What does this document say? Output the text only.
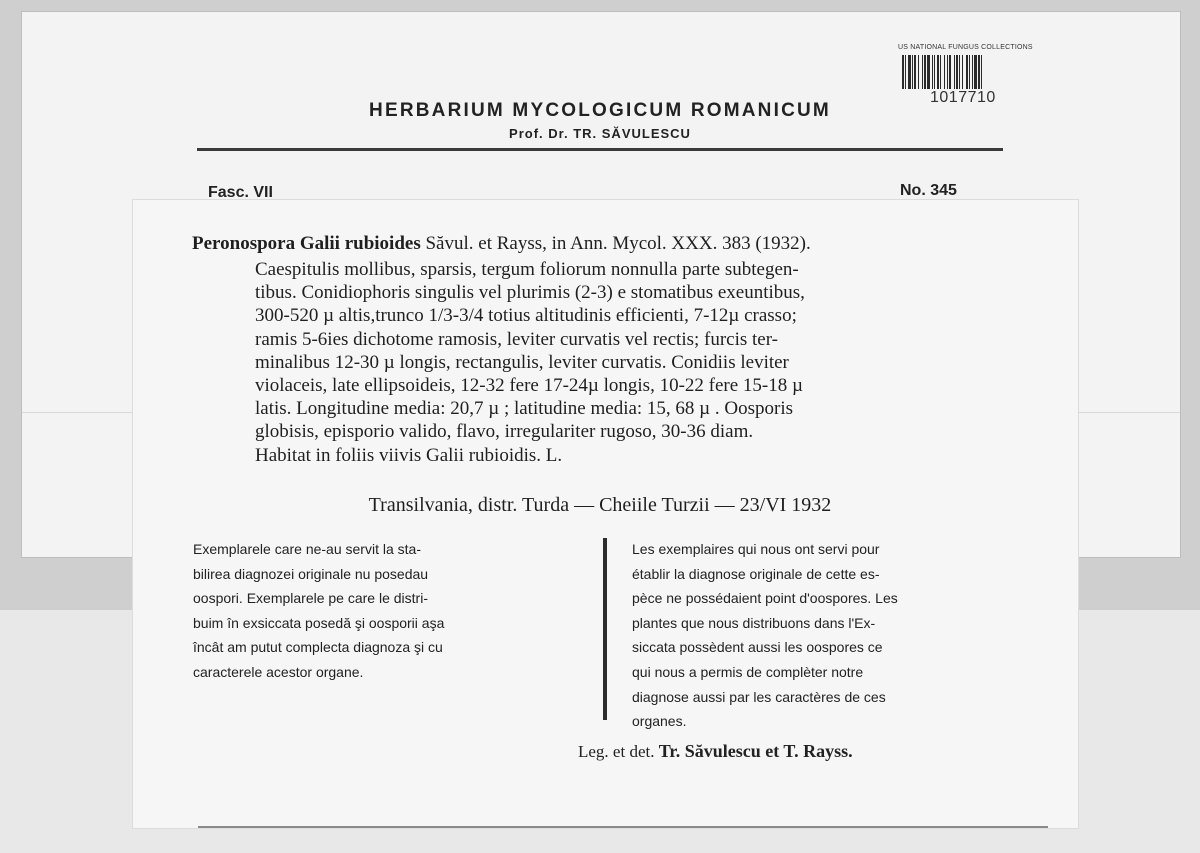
US NATIONAL FUNGUS COLLECTIONS
1017710
HERBARIUM MYCOLOGICUM ROMANICUM
Prof. Dr. TR. SĂVULESCU
Fasc. VII	No. 345
Peronospora Galii rubioides Săvul. et Rayss, in Ann. Mycol. XXX. 383 (1932).
Caespitulis mollibus, sparsis, tergum foliorum nonnulla parte subtegen-
tibus. Conidiophoris singulis vel plurimis (2-3) e stomatibus exeuntibus,
300-520 µ altis,trunco 1/3-3/4 totius altitudinis efficienti, 7-12µ crasso;
ramis 5-6ies dichotome ramosis, leviter curvatis vel rectis; furcis ter-
minalibus 12-30 µ longis, rectangulis, leviter curvatis. Conidiis leviter
violaceis, late ellipsoideis, 12-32 fere 17-24µ longis, 10-22 fere 15-18 µ
latis. Longitudine media: 20,7 µ ; latitudine media: 15, 68 µ . Oosporis
globisis, episporio valido, flavo, irregulariter rugoso, 30-36 diam.
Habitat in foliis viivis Galii rubioidis. L.
Transilvania, distr. Turda — Cheiile Turzii — 23/VI 1932
Exemplarele care ne-au servit la sta-
bilirea diagnozei originale nu posedau
oospori. Exemplarele pe care le distri-
buim în exsiccata posedă şi oosporii aşa
încât am putut complecta diagnoza şi cu
caracterele acestor organe.
Les exemplaires qui nous ont servi pour
établir la diagnose originale de cette es-
pèce ne possédaient point d'oospores. Les
plantes que nous distribuons dans l'Ex-
siccata possèdent aussi les oospores ce
qui nous a permis de complèter notre
diagnose aussi par les caractères de ces
organes.
Leg. et det. Tr. Săvulescu et T. Rayss.
